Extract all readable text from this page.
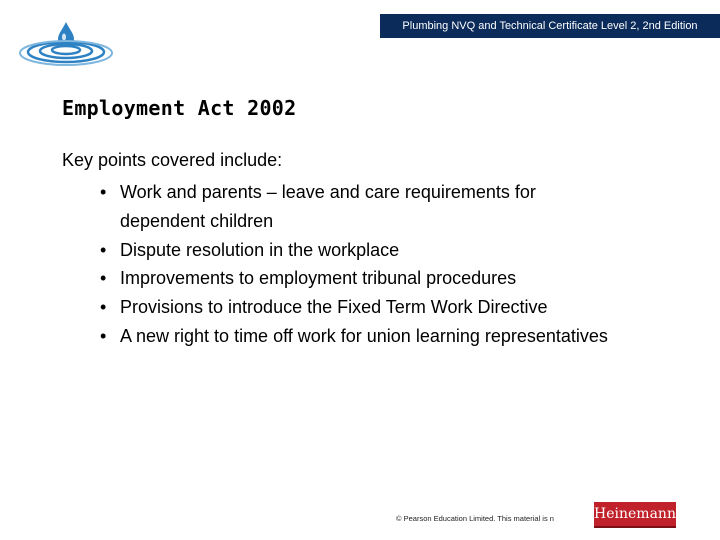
Plumbing NVQ and Technical Certificate Level 2, 2nd Edition
Employment Act 2002
Key points covered include:
• Work and parents – leave and care requirements for dependent children
• Dispute resolution in the workplace
• Improvements to employment tribunal procedures
• Provisions to introduce the Fixed Term Work Directive
• A new right to time off work for union learning representatives
© Pearson Education Limited. This material is n	Heinemann
